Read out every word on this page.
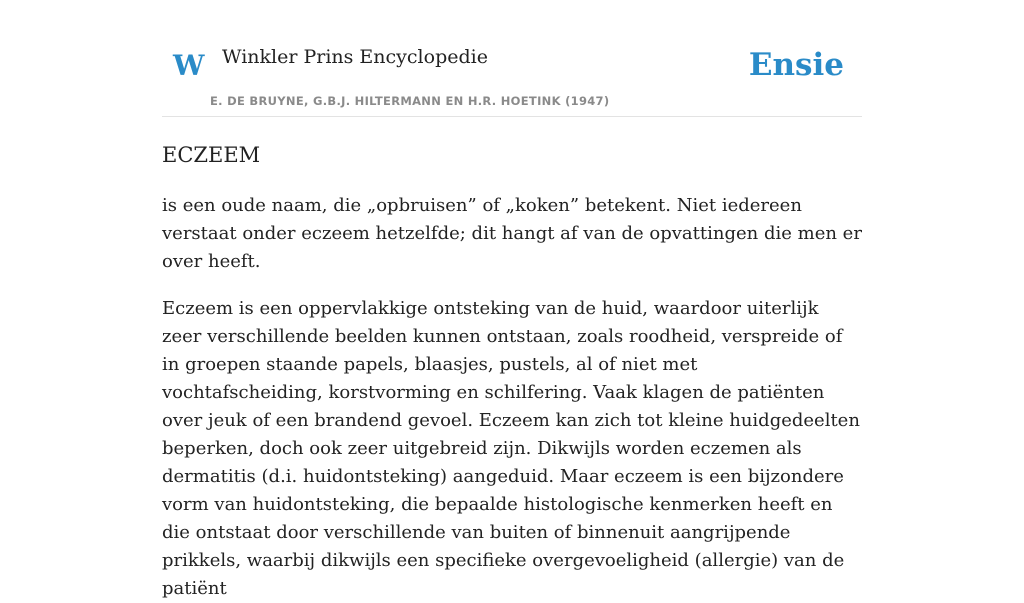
W Winkler Prins Encyclopedie
E. DE BRUYNE, G.B.J. HILTERMANN EN H.R. HOETINK (1947)
Ensie
ECZEEM

is een oude naam, die „opbruisen” of „koken” betekent. Niet iedereen verstaat onder eczeem hetzelfde; dit hangt af van de opvattingen die men er over heeft.

Eczeem is een oppervlakkige ontsteking van de huid, waardoor uiterlijk zeer verschillende beelden kunnen ontstaan, zoals roodheid, verspreide of in groepen staande papels, blaasjes, pustels, al of niet met vochtafscheiding, korstvorming en schilfering. Vaak klagen de patiënten over jeuk of een brandend gevoel. Eczeem kan zich tot kleine huidgedeelten beperken, doch ook zeer uitgebreid zijn. Dikwijls worden eczemen als dermatitis (d.i. huidontsteking) aangeduid. Maar eczeem is een bijzondere vorm van huidontsteking, die bepaalde histologische kenmerken heeft en die ontstaat door verschillende van buiten of binnenuit aangrijpende prikkels, waarbij dikwijls een specifieke overgevoeligheid (allergie) van de patiënt
